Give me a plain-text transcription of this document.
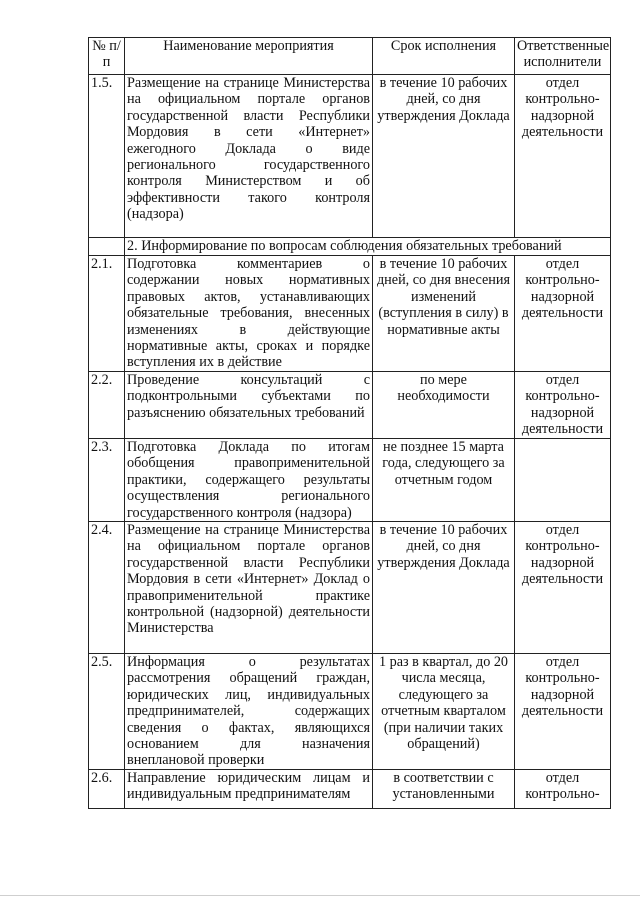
№ п/п	Наименование мероприятия	Срок исполнения	Ответственные исполнители
1.5.	Размещение на странице Министерства на официальном портале органов государственной власти Республики Мордовия в сети «Интернет» ежегодного Доклада о виде регионального государственного контроля Министерством и об эффективности такого контроля (надзора)	в течение 10 рабочих дней, со дня утверждения Доклада	отдел контрольно-надзорной деятельности

	2. Информирование по вопросам соблюдения обязательных требований		

2.1.	Подготовка комментариев о содержании новых нормативных правовых актов, устанавливающих обязательные требования, внесенных изменениях в действующие нормативные акты, сроках и порядке вступления их в действие	в течение 10 рабочих дней, со дня внесения изменений (вступления в силу) в нормативные акты	отдел контрольно-надзорной деятельности
2.2.	Проведение консультаций с подконтрольными субъектами по разъяснению обязательных требований	по мере необходимости	отдел контрольно-надзорной деятельности
2.3.	Подготовка Доклада по итогам обобщения правоприменительной практики, содержащего результаты осуществления регионального государственного контроля (надзора)	не позднее 15 марта года, следующего за отчетным годом	
2.4.	Размещение на странице Министерства на официальном портале органов государственной власти Республики Мордовия в сети «Интернет» Доклад о правоприменительной практике контрольной (надзорной) деятельности Министерства	в течение 10 рабочих дней, со дня утверждения Доклада	отдел контрольно-надзорной деятельности
2.5.	Информация о результатах рассмотрения обращений граждан, юридических лиц, индивидуальных предпринимателей, содержащих сведения о фактах, являющихся основанием для назначения внеплановой проверки	1 раз в квартал, до 20 числа месяца, следующего за отчетным кварталом (при наличии таких обращений)	отдел контрольно-надзорной деятельности
2.6.	Направление юридическим лицам и индивидуальным предпринимателям	в соответствии с установленными	отдел контрольно-
